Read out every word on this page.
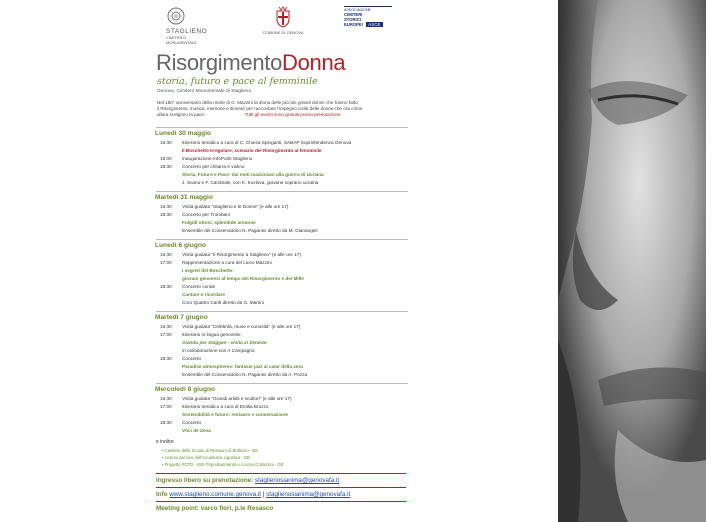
STAGLIENO
CIMITERO
MONUMENTALE
COMUNE DI GENOVA
ASSOCIAZIONE
CIMITERI
STORICI
EUROPEI ASCE
RisorgimentoDonna
storia, futuro e pace al femminile
Genova, Cimitero Monumentale di Staglieno
Nel 150° anniversario della morte di G. Mazzini la storia delle piccole grandi donne che hanno fatto
il Risorgimento, musica, memorie e itinerari per raccontare l'impegno civile delle donne che ora come
allora scelgono la pace.	Tutti gli eventi sono gratuiti previa prenotazione
Lunedì 30 maggio
16:30 Itinerario tematico a cura di C. Chiesa Spinganti, SABAP Soprintendenza Genova
Il Boschetto Irregolare, scenario del Risorgimento al femminile
18:00 Inaugurazione InfoPoint Staglieno
18:30 Concerto per chitarra e violino
Storia, Futuro e Pace: dai moti mazziniani alla guerra di Ucraina
J. Scanu e F. Cardinale, con K. Kozlova, giovane soprano ucraina
Martedì 31 maggio
16:30 Visita guidata "Staglieno e le Donne" (e alle ore 17)
18:30 Concerto per Trombani
Fulgidi ottoni, splendide armonie
Ensemble del Conservatorio N. Paganini diretto da M. Gianangeli
Lunedì 6 giugno
16:30 Visita guidata "Il Risorgimento a Staglieno" (e alle ore 17)
17:00 Rappresentazione a cura del Liceo Mazzini
I segreti del Boschetto:
giovani genovesi al tempo del Risorgimento e dei Mille
18:30 Concerto corale
Cantare e ricordare
Coro Quattro Canti diretto da G. Martini
Martedì 7 giugno
16:30 Visita guidata "Celebrità, muse e curiosità" (e alle ore 17)
17:00 Itinerario in lingua genovese
Giandu per Staggen - visita in Zeneize
In collaborazione con A Compagna
18:30 Concerto
Paradise atmospheres: fantasie jazz al calar della sera
Ensemble del Conservatorio N. Paganini diretto da A. Pozza
Mercoledì 8 giugno
16:30 Visita guidata "Grandi artisti e scultori" (e alle ore 17)
17:00 Itinerario tematico a cura di Emilia Bruzzo
Sostenibilità e futuro: restauro e conservazione
18:30 Concerto
Vôci de Zena
e inoltre
• Cantiere della Scuola di Restauro di Botticino - BS
• Lezioni dal vivo dell'Accademia Ligustica - GE
• Progetto PCTO - ISIS Firpo-Buonarroti e il Liceo G Mazzini - GE
Ingresso libero su prenotazione: staglienosianima@genovafa.it
Info www.staglieno.comune.genova.it | staglienosianima@genovafa.it
Meeting point: varco fiori, p.le Resasco
